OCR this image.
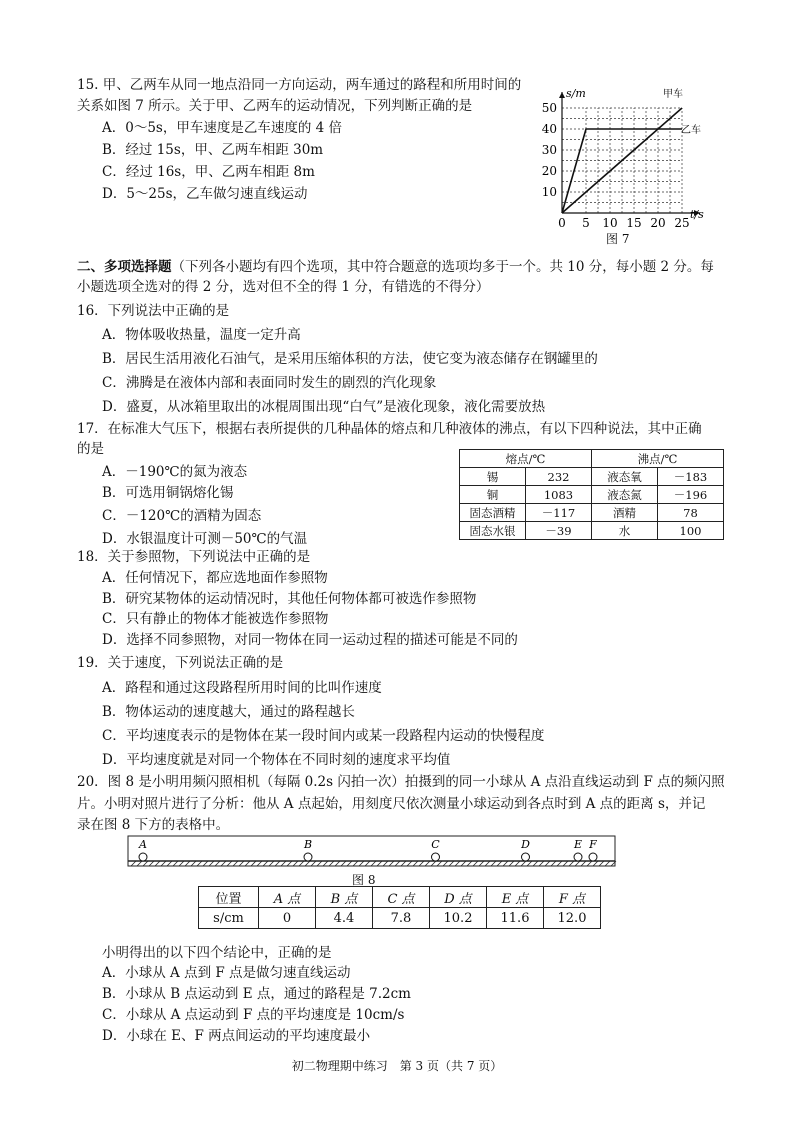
15. 甲、乙两车从同一地点沿同一方向运动，两车通过的路程和所用时间的
关系如图 7 所示。关于甲、乙两车的运动情况，下列判断正确的是
A．0～5s，甲车速度是乙车速度的 4 倍
B．经过 15s，甲、乙两车相距 30m
C．经过 16s，甲、乙两车相距 8m
D．5～25s，乙车做匀速直线运动
0 5 10 15 20 25
50
40
30
20
10
s/m
t/s
甲车
乙车
图 7
二、多项选择题（下列各小题均有四个选项，其中符合题意的选项均多于一个。共 10 分，每小题 2 分。每
小题选项全选对的得 2 分，选对但不全的得 1 分，有错选的不得分）
16．下列说法中正确的是
A．物体吸收热量，温度一定升高
B．居民生活用液化石油气，是采用压缩体积的方法，使它变为液态储存在钢罐里的
C．沸腾是在液体内部和表面同时发生的剧烈的汽化现象
D．盛夏，从冰箱里取出的冰棍周围出现“白气”是液化现象，液化需要放热
17．在标准大气压下，根据右表所提供的几种晶体的熔点和几种液体的沸点，有以下四种说法，其中正确
的是
A．－190℃的氮为液态
B．可选用铜锅熔化锡
C．－120℃的酒精为固态
D．水银温度计可测－50℃的气温
熔点/℃		沸点/℃	
锡	232	液态氧	－183
铜	1083	液态氮	－196
固态酒精	－117	酒精	78
固态水银	－39	水	100
18．关于参照物，下列说法中正确的是
A．任何情况下，都应选地面作参照物
B．研究某物体的运动情况时，其他任何物体都可被选作参照物
C．只有静止的物体才能被选作参照物
D．选择不同参照物，对同一物体在同一运动过程的描述可能是不同的
19．关于速度，下列说法正确的是
A．路程和通过这段路程所用时间的比叫作速度
B．物体运动的速度越大，通过的路程越长
C．平均速度表示的是物体在某一段时间内或某一段路程内运动的快慢程度
D．平均速度就是对同一个物体在不同时刻的速度求平均值
20．图 8 是小明用频闪照相机（每隔 0.2s 闪拍一次）拍摄到的同一小球从 A 点沿直线运动到 F 点的频闪照
片。小明对照片进行了分析：他从 A 点起始，用刻度尺依次测量小球运动到各点时到 A 点的距离 s，并记
录在图 8 下方的表格中。
A	B	C	D	E F
图 8
位置	A 点	B 点	C 点	D 点	E 点	F 点
s/cm	0	4.4	7.8	10.2	11.6	12.0
小明得出的以下四个结论中，正确的是
A．小球从 A 点到 F 点是做匀速直线运动
B．小球从 B 点运动到 E 点，通过的路程是 7.2cm
C．小球从 A 点运动到 F 点的平均速度是 10cm/s
D．小球在 E、F 两点间运动的平均速度最小
初二物理期中练习　第 3 页（共 7 页）
